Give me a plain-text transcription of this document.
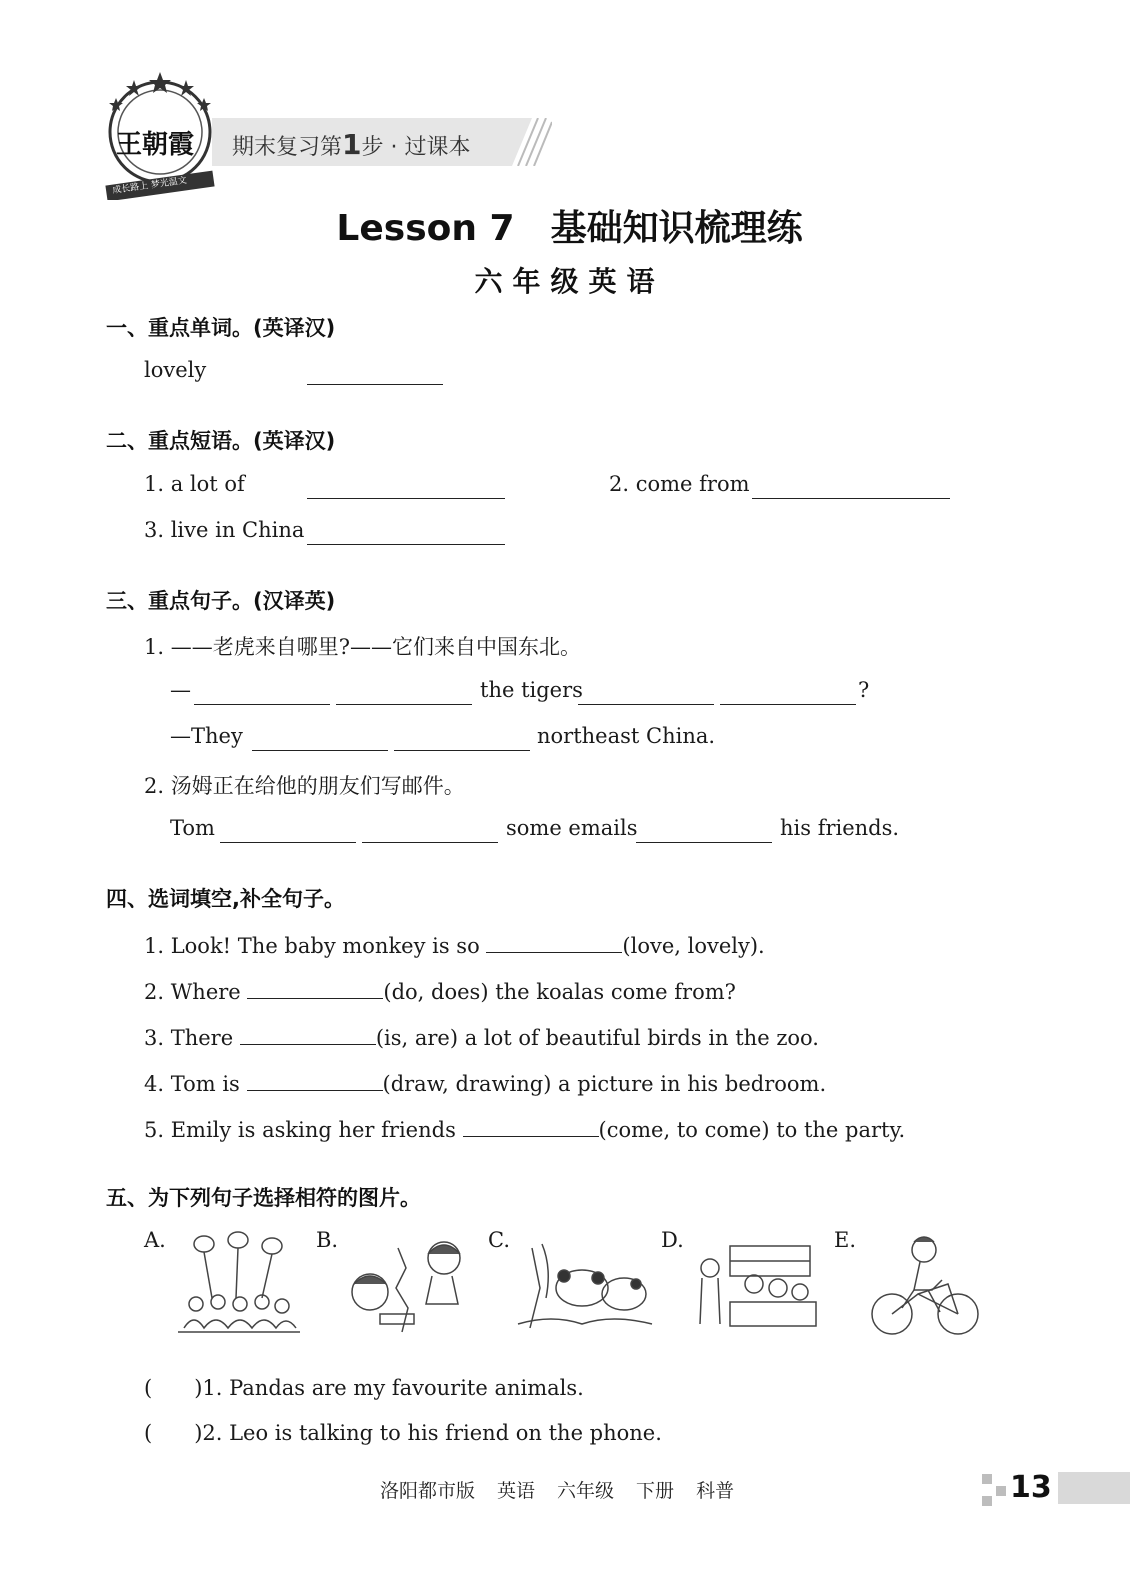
王朝霞
成长路上 梦光温文
期末复习第1步 · 过课本
Lesson 7　基础知识梳理练
六年级英语
一、重点单词。(英译汉)
lovely
二、重点短语。(英译汉)
1. a lot of	2. come from
3. live in China
三、重点句子。(汉译英)
1. ——老虎来自哪里?——它们来自中国东北。
—	the tigers	?
—They	northeast China.
2. 汤姆正在给他的朋友们写邮件。
Tom	some emails	his friends.
四、选词填空,补全句子。
1. Look! The baby monkey is so	(love, lovely).
2. Where	(do, does) the koalas come from?
3. There	(is, are) a lot of beautiful birds in the zoo.
4. Tom is	(draw, drawing) a picture in his bedroom.
5. Emily is asking her friends	(come, to come) to the party.
五、为下列句子选择相符的图片。
A.	B.	C.	D.	E.
(　　)1. Pandas are my favourite animals.
(　　)2. Leo is talking to his friend on the phone.
洛阳都市版 英语 六年级 下册 科普	13
